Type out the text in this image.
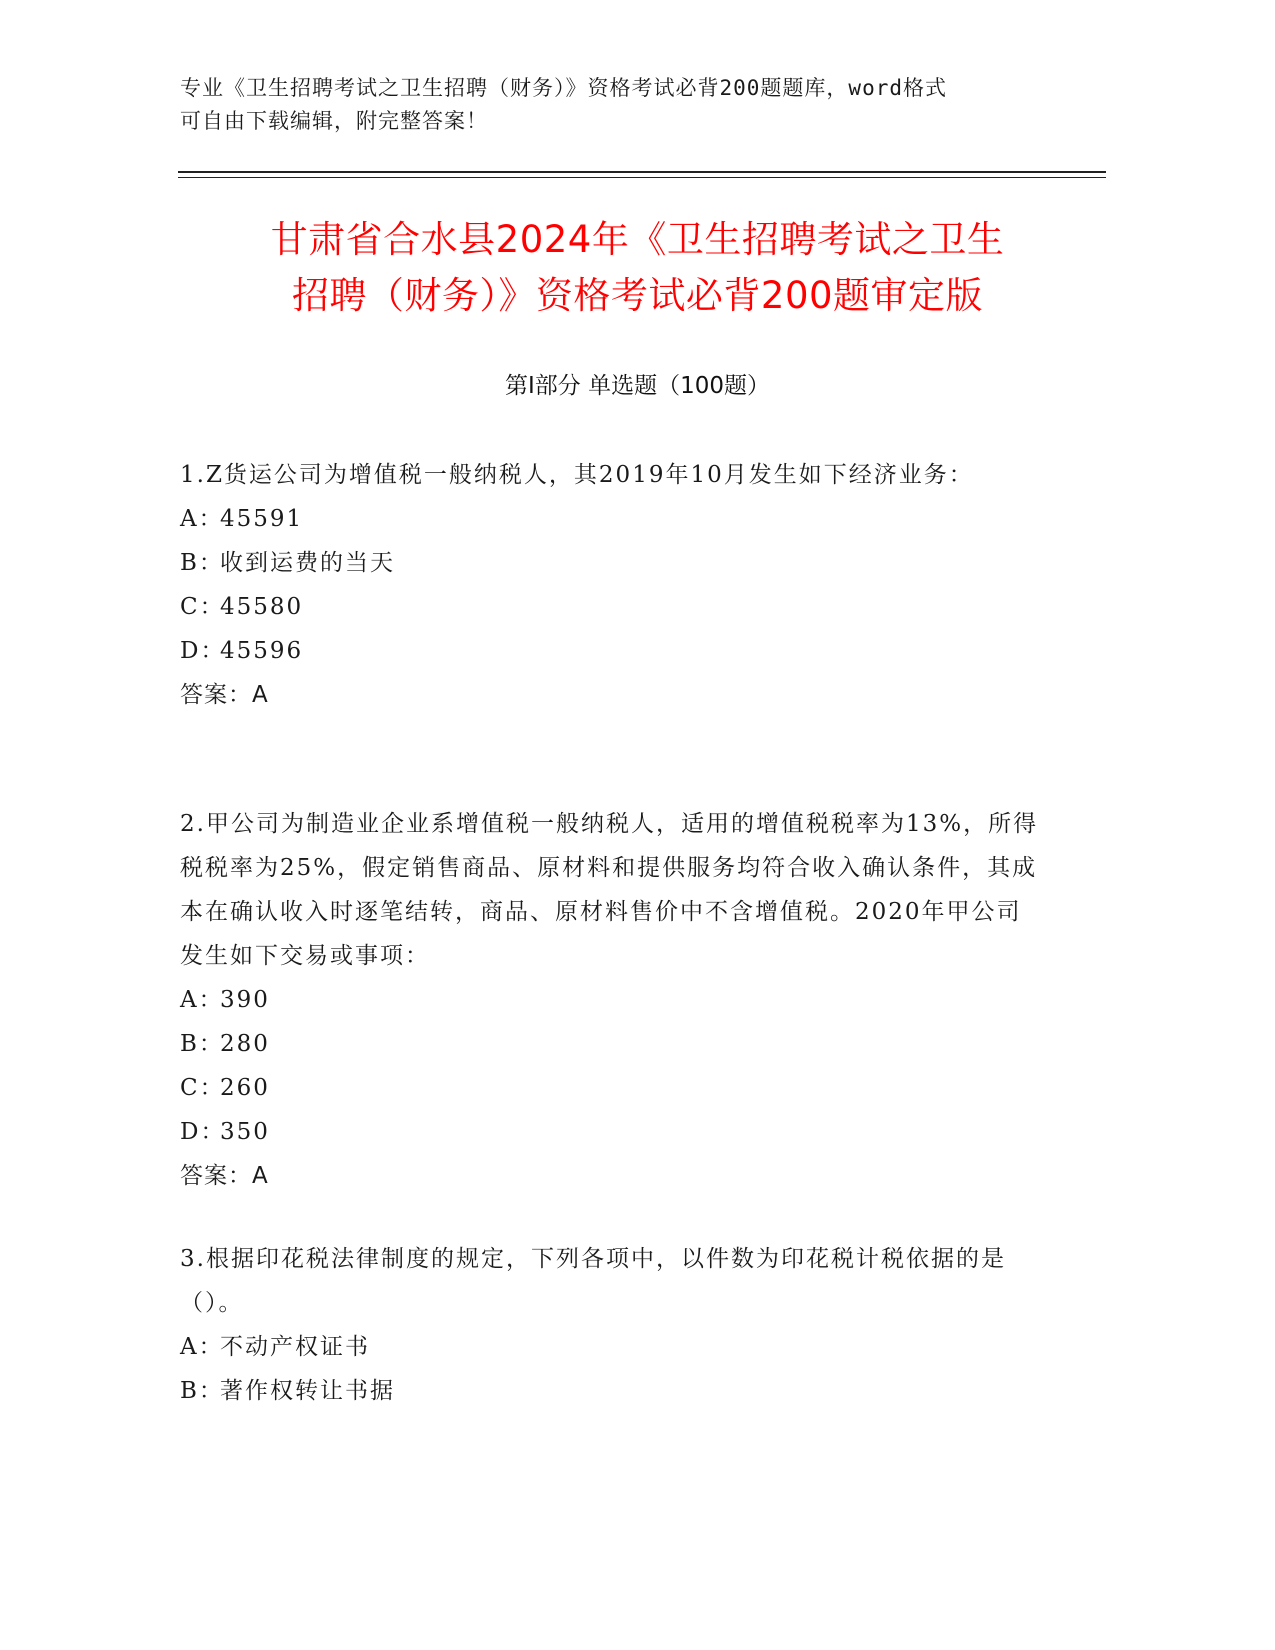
专业《卫生招聘考试之卫生招聘（财务）》资格考试必背200题题库，word格式
可自由下载编辑，附完整答案！
甘肃省合水县2024年《卫生招聘考试之卫生
招聘（财务）》资格考试必背200题审定版
第Ⅰ部分 单选题（100题）

1.Z货运公司为增值税一般纳税人，其2019年10月发生如下经济业务：

A：45591

B：收到运费的当天

C：45580

D：45596

答案：A

2.甲公司为制造业企业系增值税一般纳税人，适用的增值税税率为13%，所得税税率为25%，假定销售商品、原材料和提供服务均符合收入确认条件，其成本在确认收入时逐笔结转，商品、原材料售价中不含增值税。2020年甲公司发生如下交易或事项：

A：390

B：280

C：260

D：350

答案：A

3.根据印花税法律制度的规定，下列各项中，以件数为印花税计税依据的是（）。

A：不动产权证书

B：著作权转让书据
